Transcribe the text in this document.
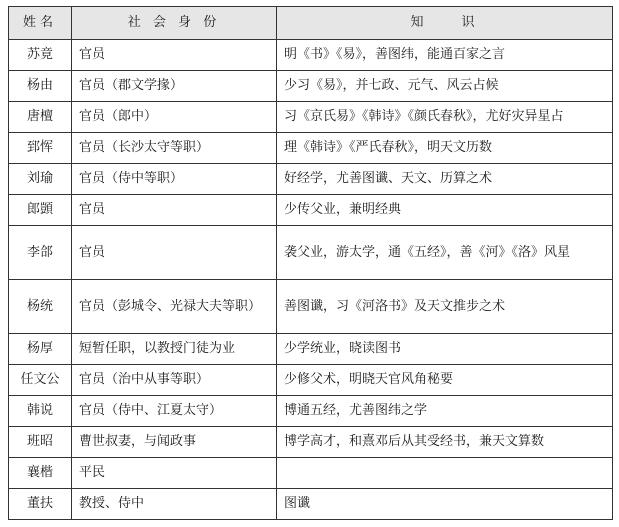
姓名	社 会 身 份	知　　识
苏竟	官员	明《书》《易》，善图纬，能通百家之言
杨由	官员（郡文学掾）	少习《易》，并七政、元气、风云占候
唐檀	官员（郎中）	习《京氏易》《韩诗》《颜氏春秋》，尤好灾异星占
郅恽	官员（长沙太守等职）	理《韩诗》《严氏春秋》，明天文历数
刘瑜	官员（侍中等职）	好经学，尤善图谶、天文、历算之术
郎顗	官员	少传父业，兼明经典
李郃	官员	袭父业，游太学，通《五经》，善《河》《洛》风星
杨统	官员（彭城令、光禄大夫等职）	善图谶，习《河洛书》及天文推步之术
杨厚	短暂任职，以教授门徒为业	少学统业，晓读图书
任文公	官员（治中从事等职）	少修父术，明晓天官风角秘要
韩说	官员（侍中、江夏太守）	博通五经，尤善图纬之学
班昭	曹世叔妻，与闻政事	博学高才，和熹邓后从其受经书，兼天文算数
襄楷	平民	
董扶	教授、侍中	图谶
